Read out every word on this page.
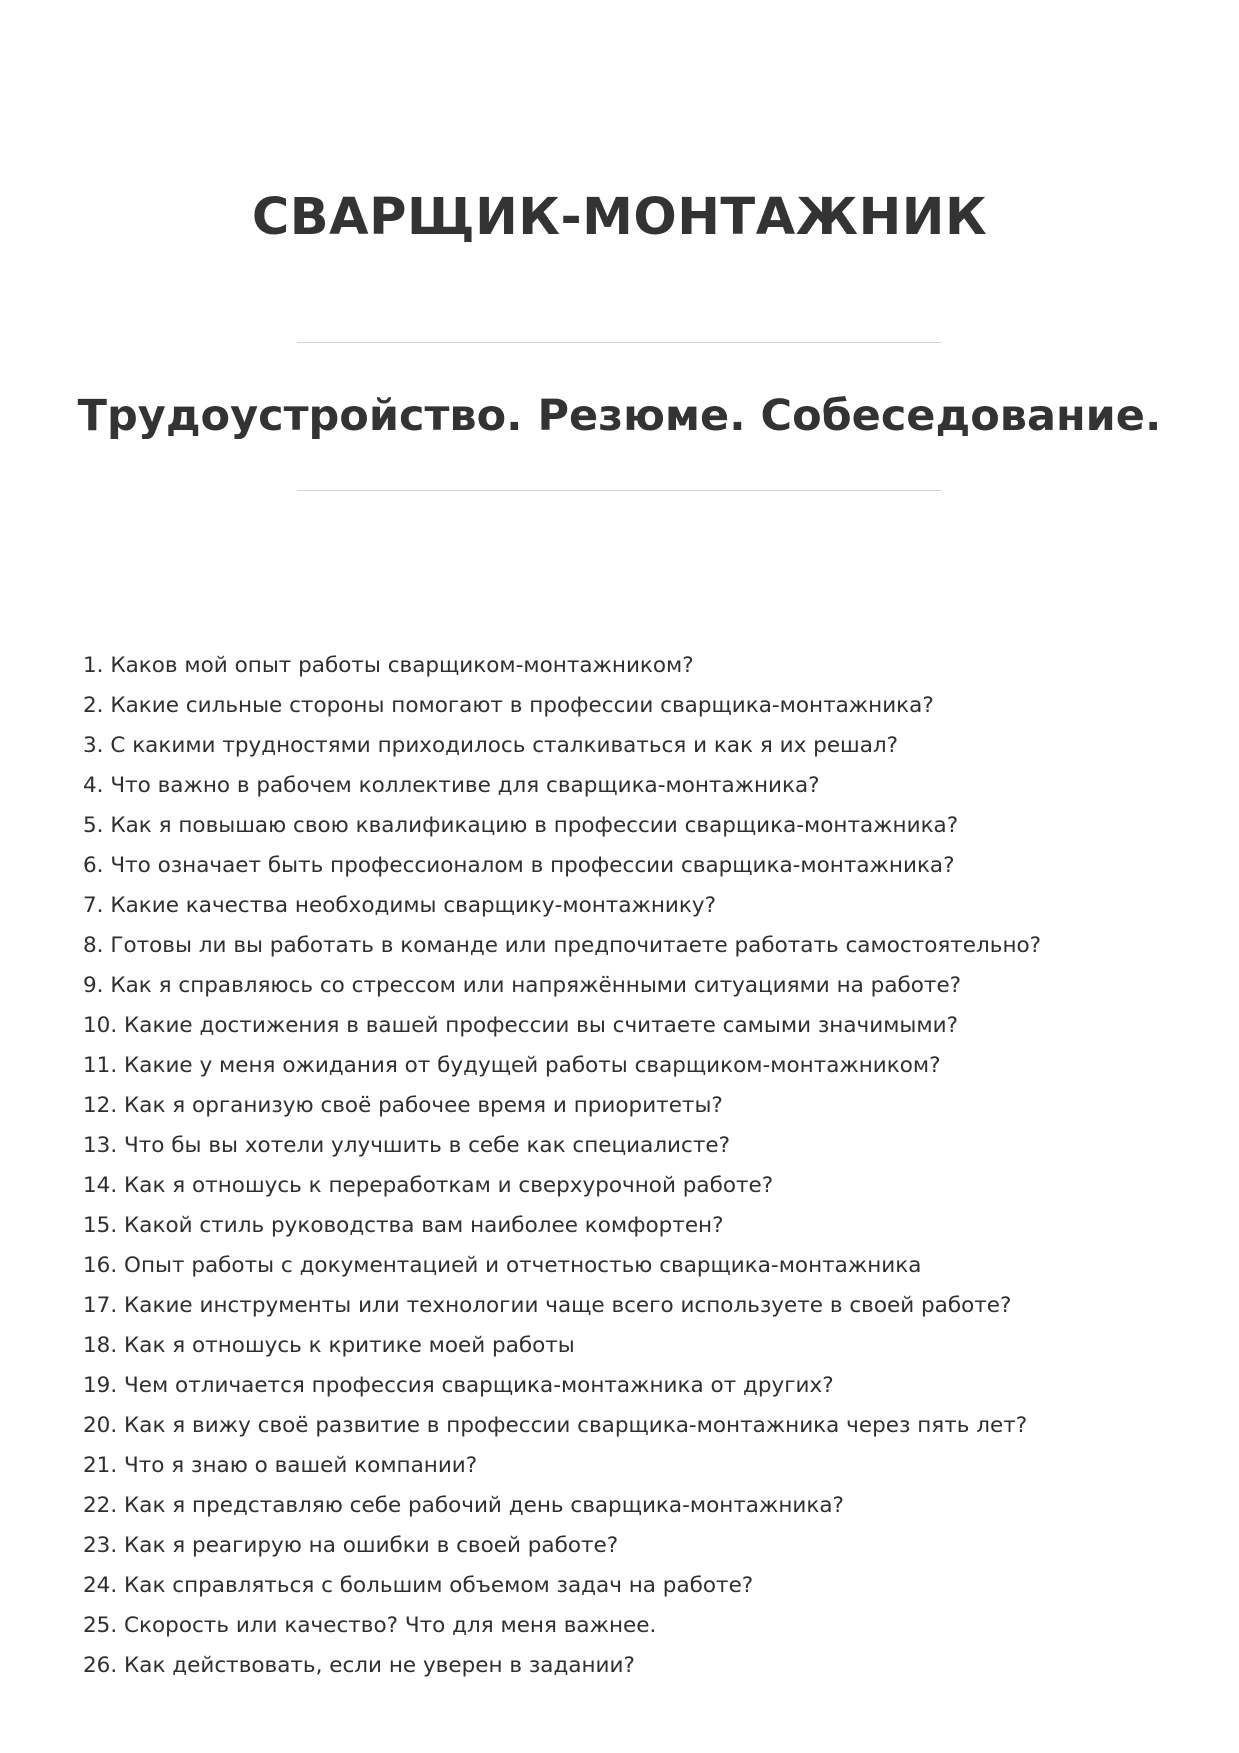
СВАРЩИК-МОНТАЖНИК
Трудоустройство. Резюме. Собеседование.
1. Каков мой опыт работы сварщиком-монтажником?
2. Какие сильные стороны помогают в профессии сварщика-монтажника?
3. С какими трудностями приходилось сталкиваться и как я их решал?
4. Что важно в рабочем коллективе для сварщика-монтажника?
5. Как я повышаю свою квалификацию в профессии сварщика-монтажника?
6. Что означает быть профессионалом в профессии сварщика-монтажника?
7. Какие качества необходимы сварщику-монтажнику?
8. Готовы ли вы работать в команде или предпочитаете работать самостоятельно?
9. Как я справляюсь со стрессом или напряжёнными ситуациями на работе?
10. Какие достижения в вашей профессии вы считаете самыми значимыми?
11. Какие у меня ожидания от будущей работы сварщиком-монтажником?
12. Как я организую своё рабочее время и приоритеты?
13. Что бы вы хотели улучшить в себе как специалисте?
14. Как я отношусь к переработкам и сверхурочной работе?
15. Какой стиль руководства вам наиболее комфортен?
16. Опыт работы с документацией и отчетностью сварщика-монтажника
17. Какие инструменты или технологии чаще всего используете в своей работе?
18. Как я отношусь к критике моей работы
19. Чем отличается профессия сварщика-монтажника от других?
20. Как я вижу своё развитие в профессии сварщика-монтажника через пять лет?
21. Что я знаю о вашей компании?
22. Как я представляю себе рабочий день сварщика-монтажника?
23. Как я реагирую на ошибки в своей работе?
24. Как справляться с большим объемом задач на работе?
25. Скорость или качество? Что для меня важнее.
26. Как действовать, если не уверен в задании?
